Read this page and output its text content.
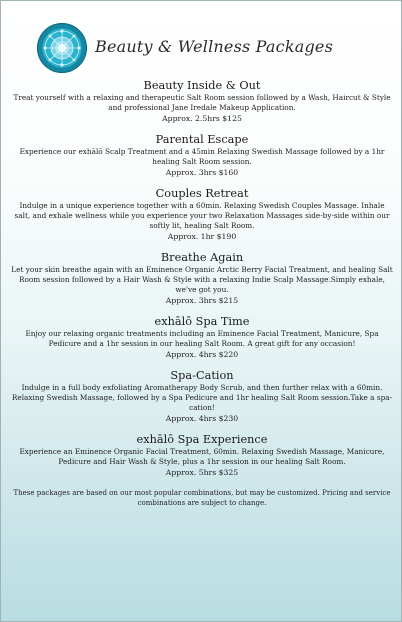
Beauty & Wellness Packages
Beauty Inside & Out

Treat yourself with a relaxing and therapeutic Salt Room session followed by a Wash, Haircut & Style and professional Jane Iredale Makeup Application.

Approx. 2.5hrs $125

Parental Escape

Experience our exhālō Scalp Treatment and a 45min Relaxing Swedish Massage followed by a 1hr healing Salt Room session.

Approx. 3hrs $160

Couples Retreat

Indulge in a unique experience together with a 60min. Relaxing Swedish Couples Massage. Inhale salt, and exhale wellness while you experience your two Relaxation Massages side-by-side within our softly lit, healing Salt Room.

Approx. 1hr $190

Breathe Again

Let your skin breathe again with an Eminence Organic Arctic Berry Facial Treatment, and healing Salt Room session followed by a Hair Wash & Style with a relaxing Indie Scalp Massage.Simply exhale, we've got you.

Approx. 3hrs $215

exhālō Spa Time

Enjoy our relaxing organic treatments including an Eminence Facial Treatment, Manicure, Spa Pedicure and a 1hr session in our healing Salt Room. A great gift for any occasion!

Approx. 4hrs $220

Spa-Cation

Indulge in a full body exfoliating Aromatherapy Body Scrub, and then further relax with a 60min. Relaxing Swedish Massage, followed by a Spa Pedicure and 1hr healing Salt Room session.Take a spa-cation!

Approx. 4hrs $230

exhālō Spa Experience

Experience an Eminence Organic Facial Treatment, 60min. Relaxing Swedish Massage, Manicure, Pedicure and Hair Wash & Style, plus a 1hr session in our healing Salt Room.

Approx. 5hrs $325

These packages are based on our most popular combinations, but may be customized. Pricing and service combinations are subject to change.
